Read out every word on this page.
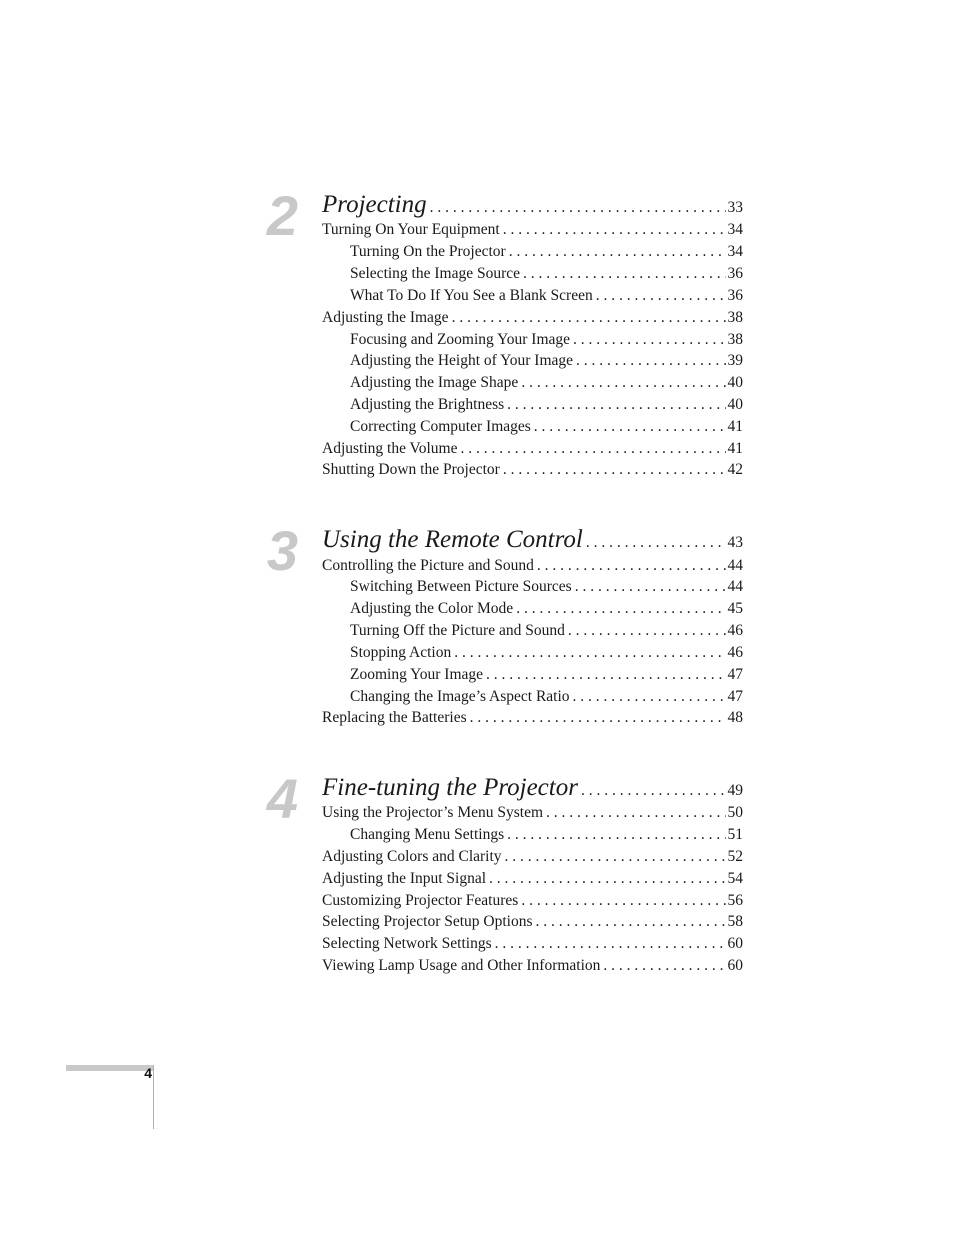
2 Projecting . . .	33
Turning On Your Equipment . . .	34
Turning On the Projector . . .	34
Selecting the Image Source . . .	36
What To Do If You See a Blank Screen . . .	36
Adjusting the Image . . .	38
Focusing and Zooming Your Image . . .	38
Adjusting the Height of Your Image . . .	39
Adjusting the Image Shape . . .	40
Adjusting the Brightness . . .	40
Correcting Computer Images . . .	41
Adjusting the Volume . . .	41
Shutting Down the Projector . . .	42
3 Using the Remote Control . . .	43
Controlling the Picture and Sound . . .	44
Switching Between Picture Sources . . .	44
Adjusting the Color Mode . . .	45
Turning Off the Picture and Sound . . .	46
Stopping Action . . .	46
Zooming Your Image . . .	47
Changing the Image’s Aspect Ratio . . .	47
Replacing the Batteries . . .	48
4 Fine-tuning the Projector . . .	49
Using the Projector’s Menu System . . .	50
Changing Menu Settings . . .	51
Adjusting Colors and Clarity . . .	52
Adjusting the Input Signal . . .	54
Customizing Projector Features . . .	56
Selecting Projector Setup Options . . .	58
Selecting Network Settings . . .	60
Viewing Lamp Usage and Other Information . . .	60
4
